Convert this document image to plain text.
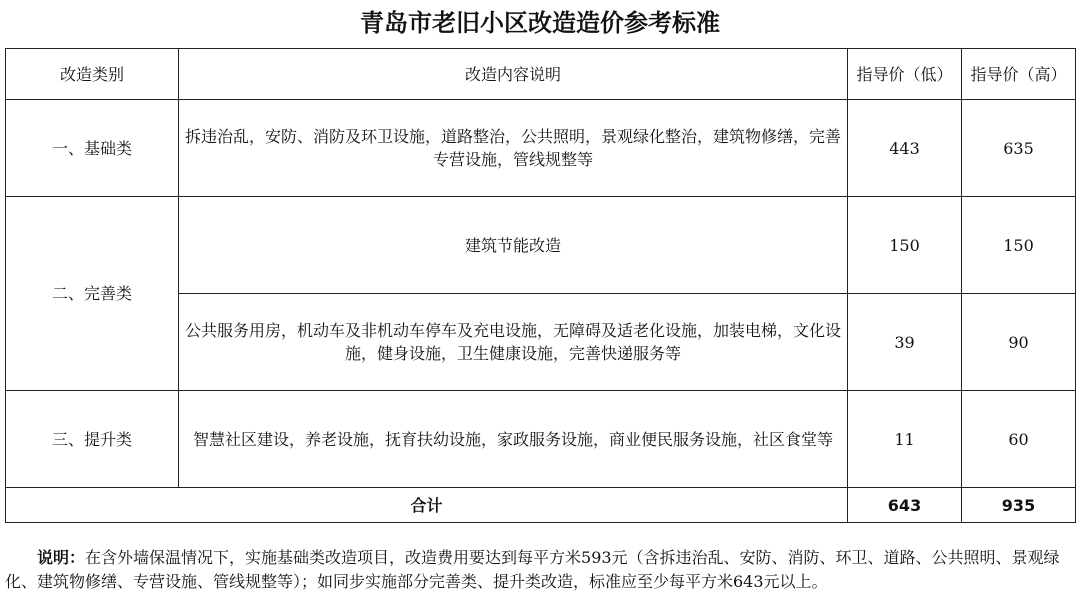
青岛市老旧小区改造造价参考标准
改造类别	改造内容说明	指导价（低）	指导价（高）
一、基础类	拆违治乱，安防、消防及环卫设施，道路整治，公共照明，景观绿化整治，建筑物修缮，完善专营设施，管线规整等	443	635
二、完善类	建筑节能改造	150	150
	公共服务用房，机动车及非机动车停车及充电设施，无障碍及适老化设施，加装电梯，文化设施，健身设施，卫生健康设施，完善快递服务等	39	90
三、提升类	智慧社区建设，养老设施，抚育扶幼设施，家政服务设施，商业便民服务设施，社区食堂等	11	60
合计		643	935
说明：在含外墙保温情况下，实施基础类改造项目，改造费用要达到每平方米593元（含拆违治乱、安防、消防、环卫、道路、公共照明、景观绿化、建筑物修缮、专营设施、管线规整等）；如同步实施部分完善类、提升类改造，标准应至少每平方米643元以上。
